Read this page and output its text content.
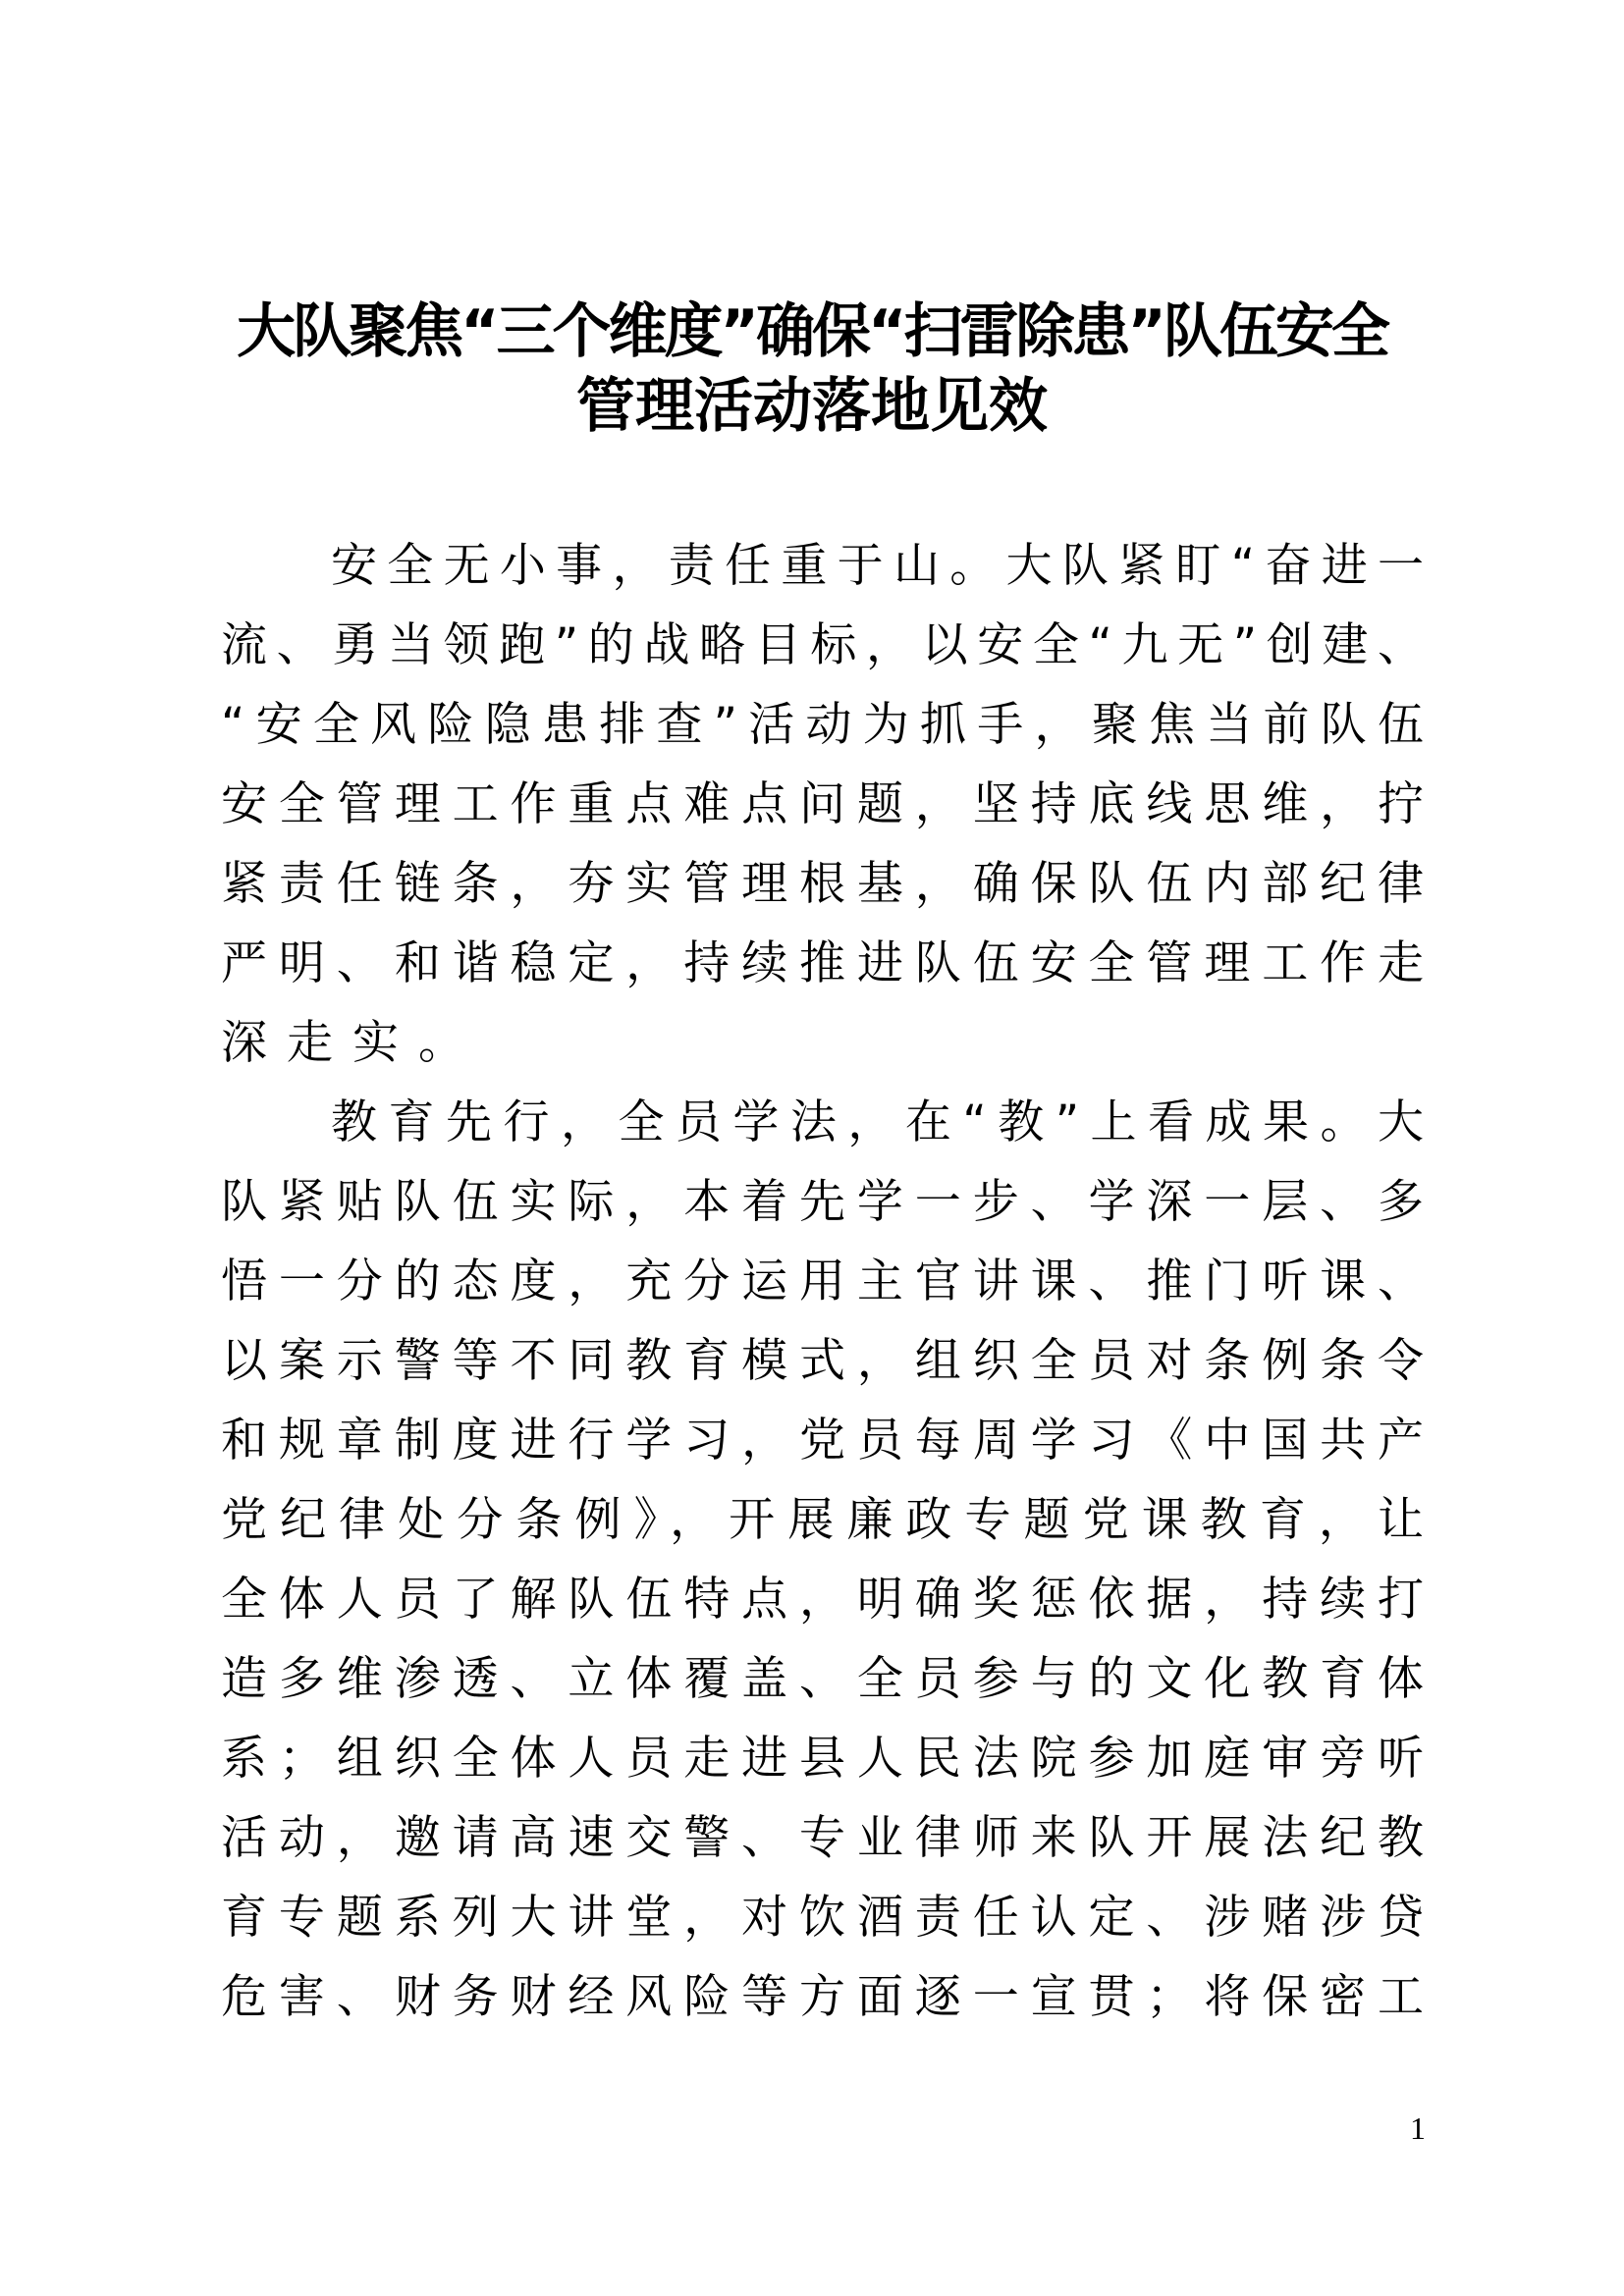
大队聚焦“三个维度”确保“扫雷除患”队伍安全
管理活动落地见效
安全无小事，责任重于山。大队紧盯“奋进一
流、勇当领跑”的战略目标，以安全“九无”创建、
“安全风险隐患排查”活动为抓手，聚焦当前队伍
安全管理工作重点难点问题，坚持底线思维，拧
紧责任链条，夯实管理根基，确保队伍内部纪律
严明、和谐稳定，持续推进队伍安全管理工作走
深走实。
教育先行，全员学法，在“教”上看成果。大
队紧贴队伍实际，本着先学一步、学深一层、多
悟一分的态度，充分运用主官讲课、推门听课、
以案示警等不同教育模式，组织全员对条例条令
和规章制度进行学习，党员每周学习《中国共产
党纪律处分条例》，开展廉政专题党课教育，让
全体人员了解队伍特点，明确奖惩依据，持续打
造多维渗透、立体覆盖、全员参与的文化教育体
系；组织全体人员走进县人民法院参加庭审旁听
活动，邀请高速交警、专业律师来队开展法纪教
育专题系列大讲堂，对饮酒责任认定、涉赌涉贷
危害、财务财经风险等方面逐一宣贯；将保密工
1
